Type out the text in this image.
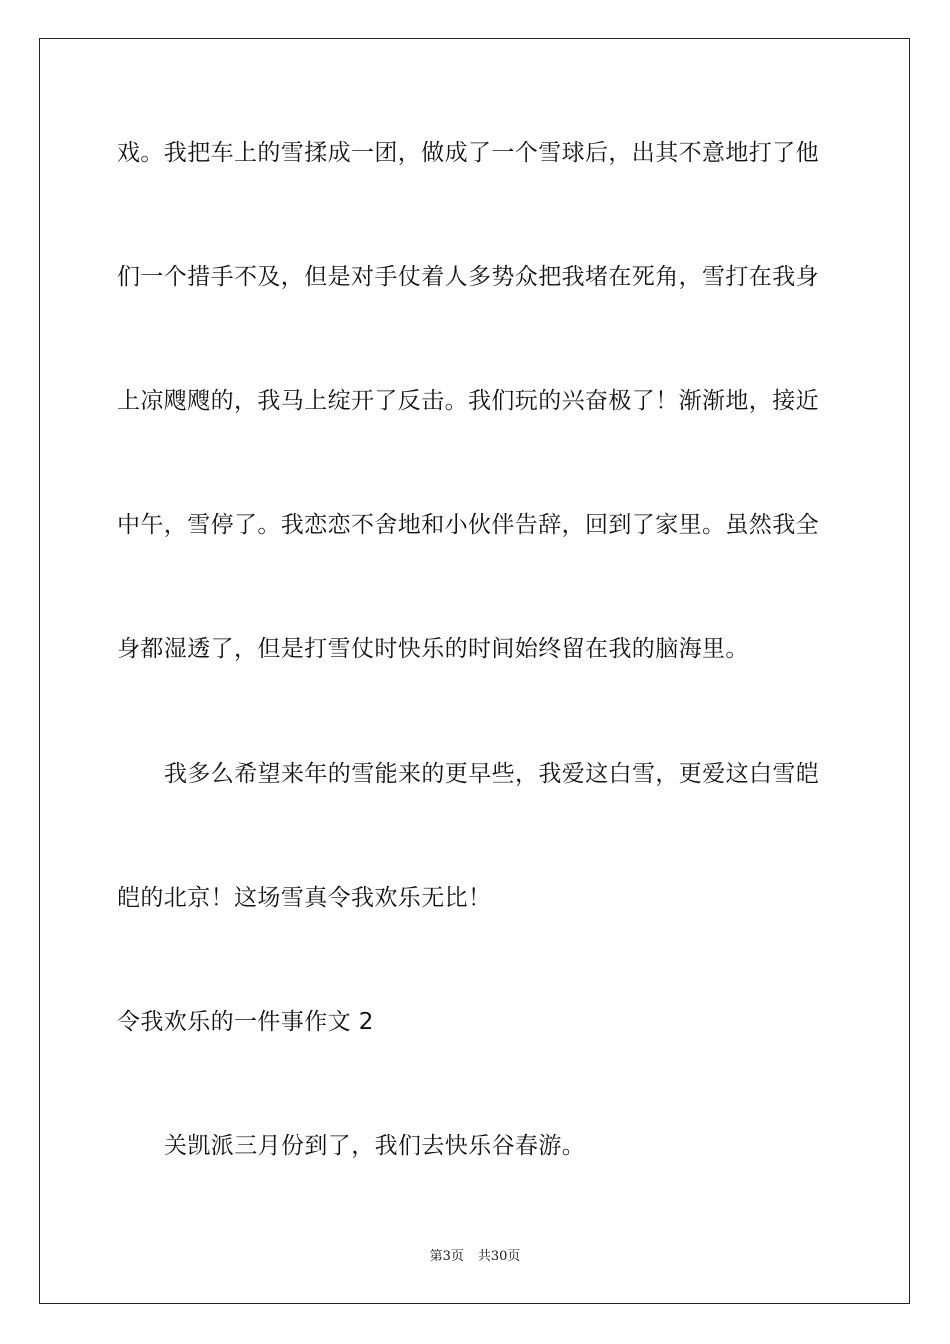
戏。我把车上的雪揉成一团，做成了一个雪球后，出其不意地打了他
们一个措手不及，但是对手仗着人多势众把我堵在死角，雪打在我身
上凉飕飕的，我马上绽开了反击。我们玩的兴奋极了！渐渐地，接近
中午，雪停了。我恋恋不舍地和小伙伴告辞，回到了家里。虽然我全
身都湿透了，但是打雪仗时快乐的时间始终留在我的脑海里。
我多么希望来年的雪能来的更早些，我爱这白雪，更爱这白雪皑
皑的北京！这场雪真令我欢乐无比！
令我欢乐的一件事作文 2
关凯派三月份到了，我们去快乐谷春游。
第3页 共30页
